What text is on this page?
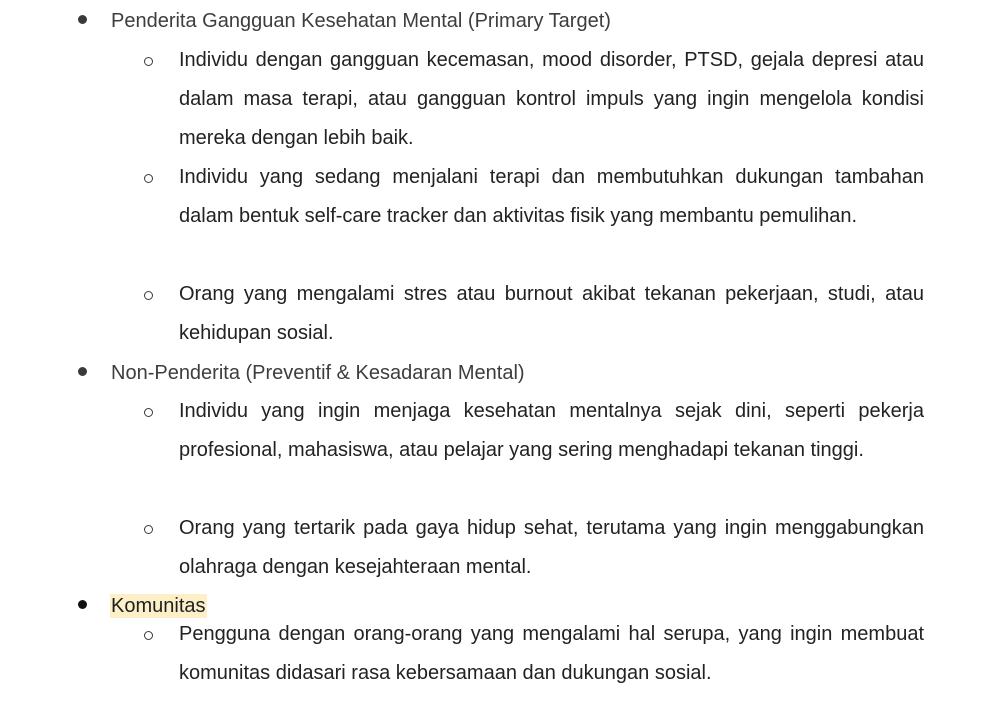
Penderita Gangguan Kesehatan Mental (Primary Target)
Individu dengan gangguan kecemasan, mood disorder, PTSD, gejala depresi atau dalam masa terapi, atau gangguan kontrol impuls yang ingin mengelola kondisi mereka dengan lebih baik.
Individu yang sedang menjalani terapi dan membutuhkan dukungan tambahan dalam bentuk self-care tracker dan aktivitas fisik yang membantu pemulihan.
Orang yang mengalami stres atau burnout akibat tekanan pekerjaan, studi, atau kehidupan sosial.
Non-Penderita (Preventif & Kesadaran Mental)
Individu yang ingin menjaga kesehatan mentalnya sejak dini, seperti pekerja profesional, mahasiswa, atau pelajar yang sering menghadapi tekanan tinggi.
Orang yang tertarik pada gaya hidup sehat, terutama yang ingin menggabungkan olahraga dengan kesejahteraan mental.
Komunitas
Pengguna dengan orang-orang yang mengalami hal serupa, yang ingin membuat komunitas didasari rasa kebersamaan dan dukungan sosial.
